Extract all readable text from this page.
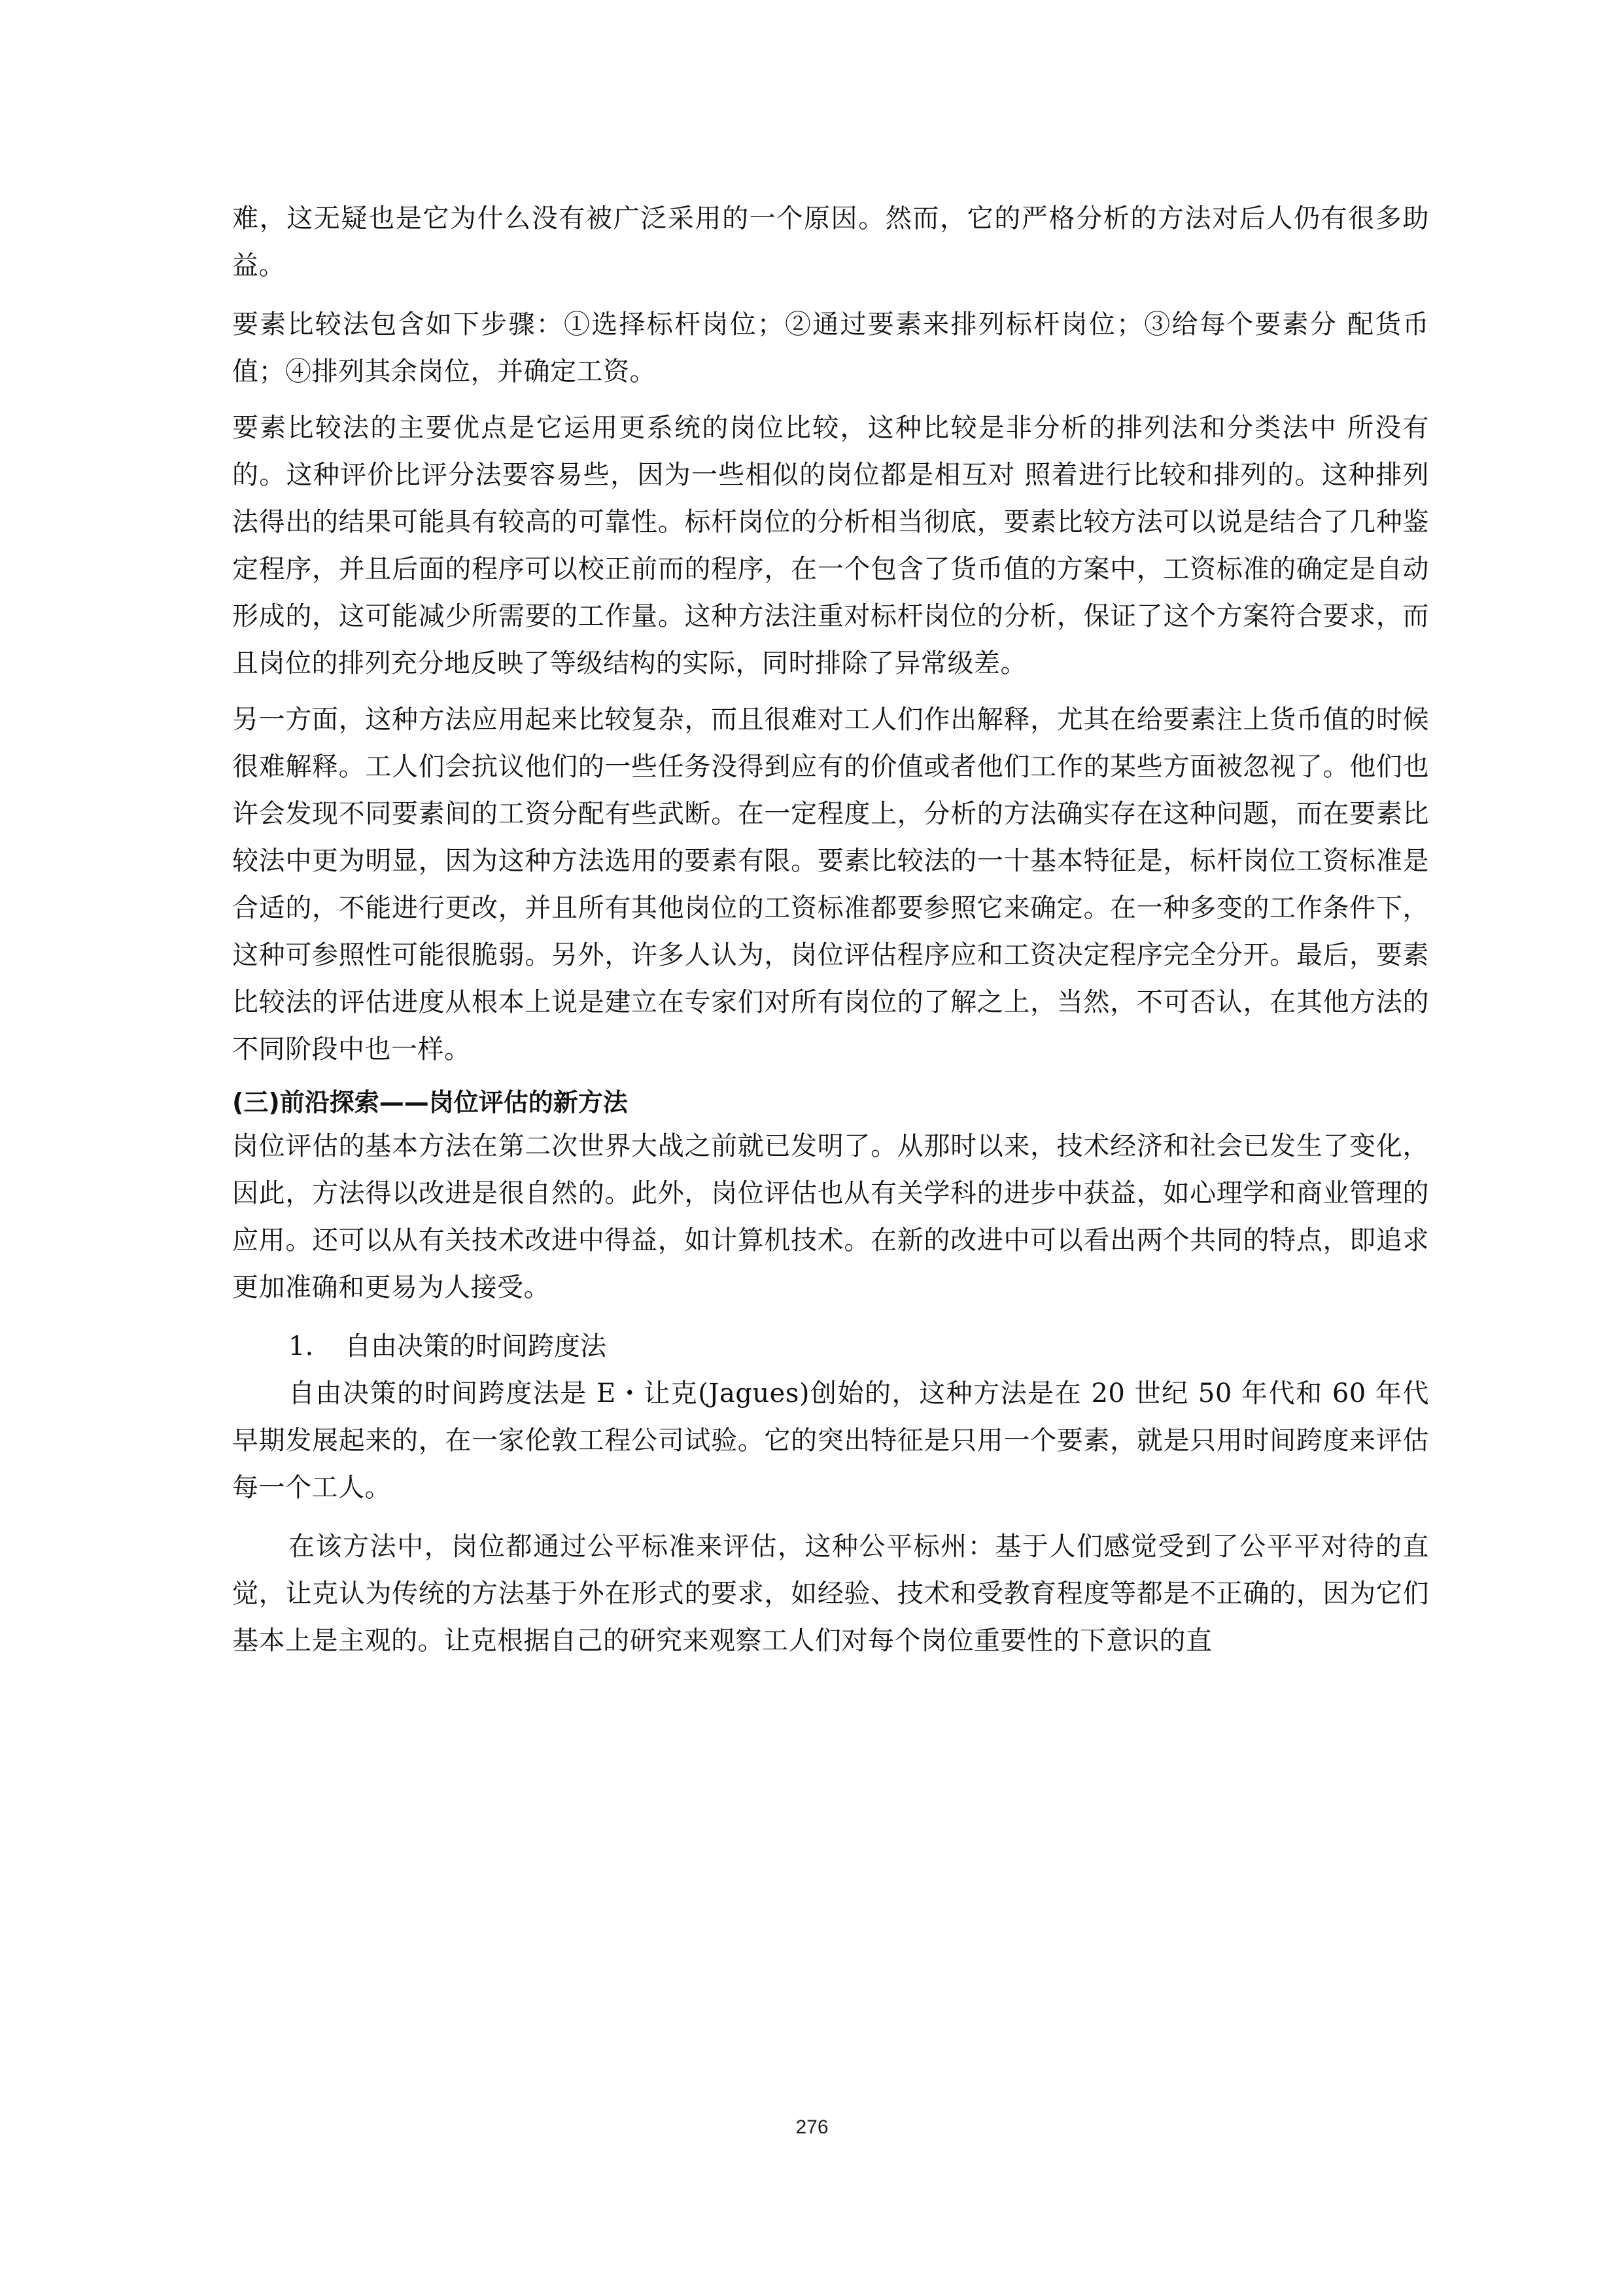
难，这无疑也是它为什么没有被广泛采用的一个原因。然而，它的严格分析的方法对后人仍有很多助益。

要素比较法包含如下步骤：①选择标杆岗位；②通过要素来排列标杆岗位；③给每个要素分 配货币值；④排列其余岗位，并确定工资。

要素比较法的主要优点是它运用更系统的岗位比较，这种比较是非分析的排列法和分类法中 所没有的。这种评价比评分法要容易些，因为一些相似的岗位都是相互对 照着进行比较和排列的。这种排列法得出的结果可能具有较高的可靠性。标杆岗位的分析相当彻底，要素比较方法可以说是结合了几种鉴定程序，并且后面的程序可以校正前而的程序，在一个包含了货币值的方案中，工资标准的确定是自动形成的，这可能减少所需要的工作量。这种方法注重对标杆岗位的分析，保证了这个方案符合要求，而且岗位的排列充分地反映了等级结构的实际，同时排除了异常级差。

另一方面，这种方法应用起来比较复杂，而且很难对工人们作出解释，尤其在给要素注上货币值的时候很难解释。工人们会抗议他们的一些任务没得到应有的价值或者他们工作的某些方面被忽视了。他们也许会发现不同要素间的工资分配有些武断。在一定程度上，分析的方法确实存在这种问题，而在要素比较法中更为明显，因为这种方法选用的要素有限。要素比较法的一十基本特征是，标杆岗位工资标准是合适的，不能进行更改，并且所有其他岗位的工资标准都要参照它来确定。在一种多变的工作条件下，这种可参照性可能很脆弱。另外，许多人认为，岗位评估程序应和工资决定程序完全分开。最后，要素比较法的评估进度从根本上说是建立在专家们对所有岗位的了解之上，当然，不可否认，在其他方法的不同阶段中也一样。

(三)前沿探索——岗位评估的新方法

岗位评估的基本方法在第二次世界大战之前就已发明了。从那时以来，技术经济和社会已发生了变化，因此，方法得以改进是很自然的。此外，岗位评估也从有关学科的进步中获益，如心理学和商业管理的应用。还可以从有关技术改进中得益，如计算机技术。在新的改进中可以看出两个共同的特点，即追求更加准确和更易为人接受。

1. 自由决策的时间跨度法

自由决策的时间跨度法是 E・让克(Jagues)创始的，这种方法是在 20 世纪 50 年代和 60 年代早期发展起来的，在一家伦敦工程公司试验。它的突出特征是只用一个要素，就是只用时间跨度来评估每一个工人。

在该方法中，岗位都通过公平标准来评估，这种公平标州：基于人们感觉受到了公平平对待的直觉，让克认为传统的方法基于外在形式的要求，如经验、技术和受教育程度等都是不正确的，因为它们基本上是主观的。让克根据自己的研究来观察工人们对每个岗位重要性的下意识的直

276
